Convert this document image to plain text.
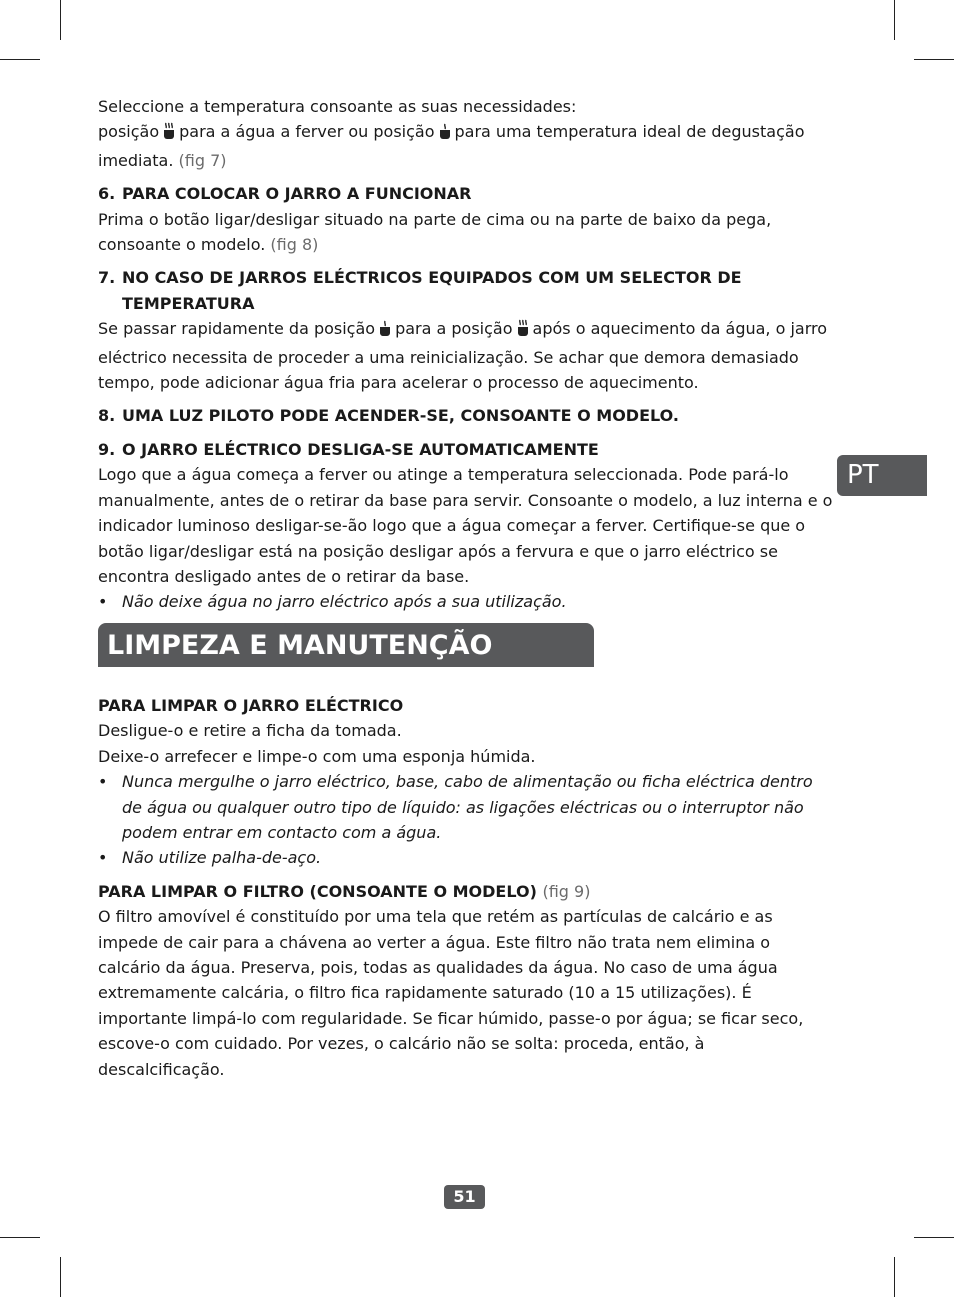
PT

Seleccione a temperatura consoante as suas necessidades:

posição para a água a ferver ou posição para uma temperatura ideal de degustação

imediata. (fig 7)

6. PARA COLOCAR O JARRO A FUNCIONAR

Prima o botão ligar/desligar situado na parte de cima ou na parte de baixo da pega, consoante o modelo. (fig 8)

7. NO CASO DE JARROS ELÉCTRICOS EQUIPADOS COM UM SELECTOR DE TEMPERATURA

Se passar rapidamente da posição para a posição após o aquecimento da água, o jarro eléctrico necessita de proceder a uma reinicialização. Se achar que demora demasiado tempo, pode adicionar água fria para acelerar o processo de aquecimento.

8. UMA LUZ PILOTO PODE ACENDER-SE, CONSOANTE O MODELO.

9. O JARRO ELÉCTRICO DESLIGA-SE AUTOMATICAMENTE

Logo que a água começa a ferver ou atinge a temperatura seleccionada. Pode pará-lo manualmente, antes de o retirar da base para servir. Consoante o modelo, a luz interna e o indicador luminoso desligar-se-ão logo que a água começar a ferver. Certifique-se que o botão ligar/desligar está na posição desligar após a fervura e que o jarro eléctrico se encontra desligado antes de o retirar da base.

• Não deixe água no jarro eléctrico após a sua utilização.

LIMPEZA E MANUTENÇÃO

PARA LIMPAR O JARRO ELÉCTRICO

Desligue-o e retire a ficha da tomada.

Deixe-o arrefecer e limpe-o com uma esponja húmida.

• Nunca mergulhe o jarro eléctrico, base, cabo de alimentação ou ficha eléctrica dentro de água ou qualquer outro tipo de líquido: as ligações eléctricas ou o interruptor não podem entrar em contacto com a água.

• Não utilize palha-de-aço.

PARA LIMPAR O FILTRO (CONSOANTE O MODELO) (fig 9)

O filtro amovível é constituído por uma tela que retém as partículas de calcário e as impede de cair para a chávena ao verter a água. Este filtro não trata nem elimina o calcário da água. Preserva, pois, todas as qualidades da água. No caso de uma água extremamente calcária, o filtro fica rapidamente saturado (10 a 15 utilizações). É importante limpá-lo com regularidade. Se ficar húmido, passe-o por água; se ficar seco, escove-o com cuidado. Por vezes, o calcário não se solta: proceda, então, à descalcificação.

51
